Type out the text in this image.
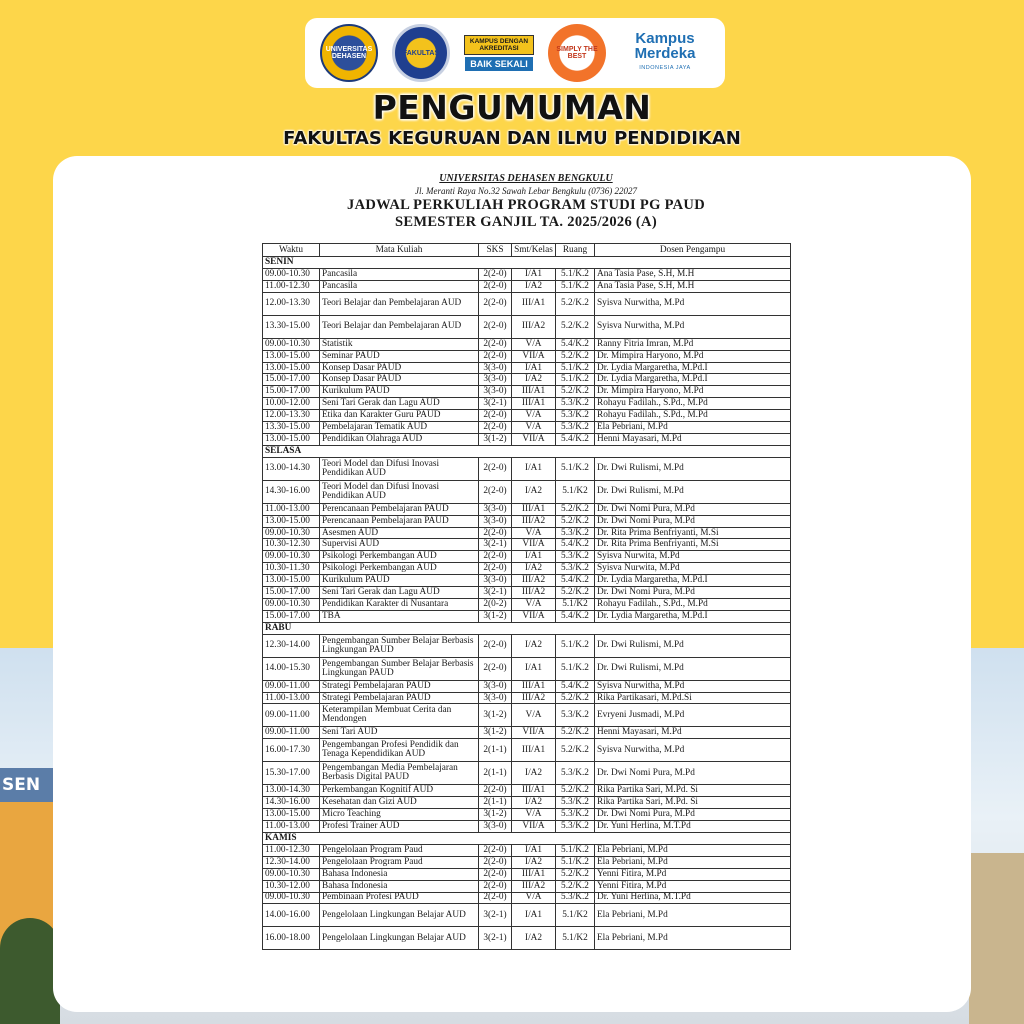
SEN
UNIVERSITAS DEHASEN	FAKULTAS
KAMPUS DENGAN AKREDITASI
BAIK SEKALI
SIMPLY THE BEST
Kampus
Merdeka
INDONESIA JAYA
PENGUMUMAN
FAKULTAS KEGURUAN DAN ILMU PENDIDIKAN
UNIVERSITAS DEHASEN BENGKULU
Jl. Meranti Raya No.32 Sawah Lebar Bengkulu (0736) 22027
JADWAL PERKULIAH PROGRAM STUDI PG PAUD
SEMESTER GANJIL TA. 2025/2026 (A)
Waktu	Mata Kuliah	SKS	Smt/Kelas	Ruang	Dosen Pengampu
SENIN					
09.00-10.30	Pancasila	2(2-0)	I/A1	5.1/K.2	Ana Tasia Pase, S.H, M.H
11.00-12.30	Pancasila	2(2-0)	I/A2	5.1/K.2	Ana Tasia Pase, S.H, M.H
12.00-13.30	Teori Belajar dan Pembelajaran AUD	2(2-0)	III/A1	5.2/K.2	Syisva Nurwitha, M.Pd
13.30-15.00	Teori Belajar dan Pembelajaran AUD	2(2-0)	III/A2	5.2/K.2	Syisva Nurwitha, M.Pd
09.00-10.30	Statistik	2(2-0)	V/A	5.4/K.2	Ranny Fitria Imran, M.Pd
13.00-15.00	Seminar PAUD	2(2-0)	VII/A	5.2/K.2	Dr. Mimpira Haryono, M.Pd
13.00-15.00	Konsep Dasar PAUD	3(3-0)	I/A1	5.1/K.2	Dr. Lydia Margaretha, M.Pd.I
15.00-17.00	Konsep Dasar PAUD	3(3-0)	I/A2	5.1/K.2	Dr. Lydia Margaretha, M.Pd.I
15.00-17.00	Kurikulum PAUD	3(3-0)	III/A1	5.2/K.2	Dr. Mimpira Haryono, M.Pd
10.00-12.00	Seni Tari Gerak dan Lagu AUD	3(2-1)	III/A1	5.3/K.2	Rohayu Fadilah., S.Pd., M.Pd
12.00-13.30	Etika dan Karakter Guru PAUD	2(2-0)	V/A	5.3/K.2	Rohayu Fadilah., S.Pd., M.Pd
13.30-15.00	Pembelajaran Tematik AUD	2(2-0)	V/A	5.3/K.2	Ela Pebriani, M.Pd
13.00-15.00	Pendidikan Olahraga AUD	3(1-2)	VII/A	5.4/K.2	Henni Mayasari, M.Pd
SELASA					
13.00-14.30	Teori Model dan Difusi Inovasi Pendidikan AUD	2(2-0)	I/A1	5.1/K.2	Dr. Dwi Rulismi, M.Pd
14.30-16.00	Teori Model dan Difusi Inovasi Pendidikan AUD	2(2-0)	I/A2	5.1/K2	Dr. Dwi Rulismi, M.Pd
11.00-13.00	Perencanaan Pembelajaran PAUD	3(3-0)	III/A1	5.2/K.2	Dr. Dwi Nomi Pura, M.Pd
13.00-15.00	Perencanaan Pembelajaran PAUD	3(3-0)	III/A2	5.2/K.2	Dr. Dwi Nomi Pura, M.Pd
09.00-10.30	Asesmen AUD	2(2-0)	V/A	5.3/K.2	Dr. Rita Prima Benfriyanti, M.Si
10.30-12.30	Supervisi AUD	3(2-1)	VII/A	5.4/K.2	Dr. Rita Prima Benfriyanti, M.Si
09.00-10.30	Psikologi Perkembangan AUD	2(2-0)	I/A1	5.3/K.2	Syisva Nurwita, M.Pd
10.30-11.30	Psikologi Perkembangan AUD	2(2-0)	I/A2	5.3/K.2	Syisva Nurwita, M.Pd
13.00-15.00	Kurikulum PAUD	3(3-0)	III/A2	5.4/K.2	Dr. Lydia Margaretha, M.Pd.I
15.00-17.00	Seni Tari Gerak dan Lagu AUD	3(2-1)	III/A2	5.2/K.2	Dr. Dwi Nomi Pura, M.Pd
09.00-10.30	Pendidikan Karakter di Nusantara	2(0-2)	V/A	5.1/K2	Rohayu Fadilah., S.Pd., M.Pd
15.00-17.00	TBA	3(1-2)	VII/A	5.4/K.2	Dr. Lydia Margaretha, M.Pd.I
RABU					
12.30-14.00	Pengembangan Sumber Belajar Berbasis Lingkungan PAUD	2(2-0)	I/A2	5.1/K.2	Dr. Dwi Rulismi, M.Pd
14.00-15.30	Pengembangan Sumber Belajar Berbasis Lingkungan PAUD	2(2-0)	I/A1	5.1/K.2	Dr. Dwi Rulismi, M.Pd
09.00-11.00	Strategi Pembelajaran PAUD	3(3-0)	III/A1	5.4/K.2	Syisva Nurwitha, M.Pd
11.00-13.00	Strategi Pembelajaran PAUD	3(3-0)	III/A2	5.2/K.2	Rika Partikasari, M.Pd.Si
09.00-11.00	Keterampilan Membuat Cerita dan Mendongen	3(1-2)	V/A	5.3/K.2	Evryeni Jusmadi, M.Pd
09.00-11.00	Seni Tari AUD	3(1-2)	VII/A	5.2/K.2	Henni Mayasari, M.Pd
16.00-17.30	Pengembangan Profesi Pendidik dan Tenaga Kependidikan AUD	2(1-1)	III/A1	5.2/K.2	Syisva Nurwitha, M.Pd
15.30-17.00	Pengembangan Media Pembelajaran Berbasis Digital PAUD	2(1-1)	I/A2	5.3/K.2	Dr. Dwi Nomi Pura, M.Pd
13.00-14.30	Perkembangan Kognitif AUD	2(2-0)	III/A1	5.2/K.2	Rika Partika Sari, M.Pd. Si
14.30-16.00	Kesehatan dan Gizi AUD	2(1-1)	I/A2	5.3/K.2	Rika Partika Sari, M.Pd. Si
13.00-15.00	Micro Teaching	3(1-2)	V/A	5.3/K.2	Dr. Dwi Nomi Pura, M.Pd
11.00-13.00	Profesi Trainer AUD	3(3-0)	VII/A	5.3/K.2	Dr. Yuni Herlina, M.T.Pd
KAMIS					
11.00-12.30	Pengelolaan Program Paud	2(2-0)	I/A1	5.1/K.2	Ela Pebriani, M.Pd
12.30-14.00	Pengelolaan Program Paud	2(2-0)	I/A2	5.1/K.2	Ela Pebriani, M.Pd
09.00-10.30	Bahasa Indonesia	2(2-0)	III/A1	5.2/K.2	Yenni Fitira, M.Pd
10.30-12.00	Bahasa Indonesia	2(2-0)	III/A2	5.2/K.2	Yenni Fitira, M.Pd
09.00-10.30	Pembinaan Profesi PAUD	2(2-0)	V/A	5.3/K.2	Dr. Yuni Herlina, M.T.Pd
14.00-16.00	Pengelolaan Lingkungan Belajar AUD	3(2-1)	I/A1	5.1/K2	Ela Pebriani, M.Pd
16.00-18.00	Pengelolaan Lingkungan Belajar AUD	3(2-1)	I/A2	5.1/K2	Ela Pebriani, M.Pd
